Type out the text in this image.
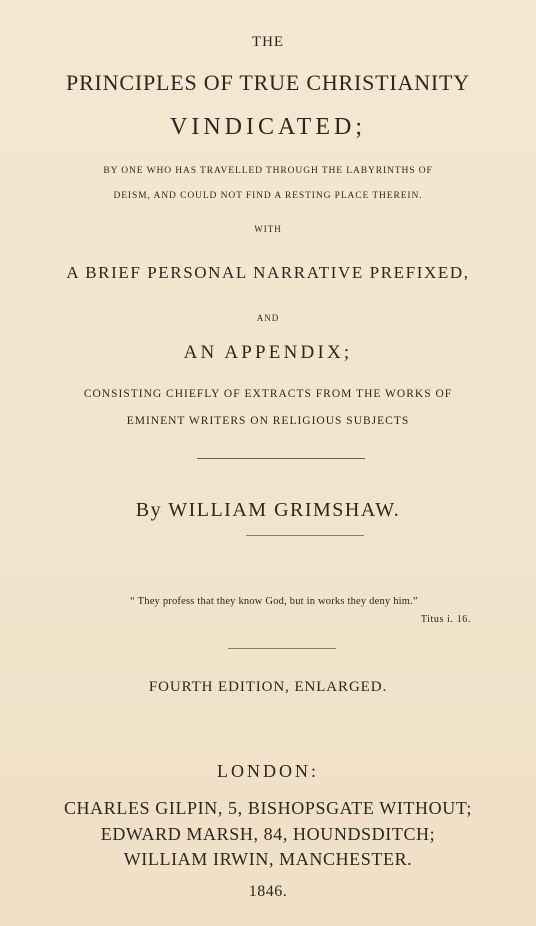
THE

PRINCIPLES OF TRUE CHRISTIANITY

VINDICATED;

BY ONE WHO HAS TRAVELLED THROUGH THE LABYRINTHS OF

DEISM, AND COULD NOT FIND A RESTING PLACE THEREIN.

WITH

A BRIEF PERSONAL NARRATIVE PREFIXED,

AND

AN APPENDIX;

CONSISTING CHIEFLY OF EXTRACTS FROM THE WORKS OF

EMINENT WRITERS ON RELIGIOUS SUBJECTS

By WILLIAM GRIMSHAW.

“ They profess that they know God, but in works they deny him.”

Titus i. 16.

FOURTH EDITION, ENLARGED.

LONDON:

CHARLES GILPIN, 5, BISHOPSGATE WITHOUT;

EDWARD MARSH, 84, HOUNDSDITCH;

WILLIAM IRWIN, MANCHESTER.

1846.
